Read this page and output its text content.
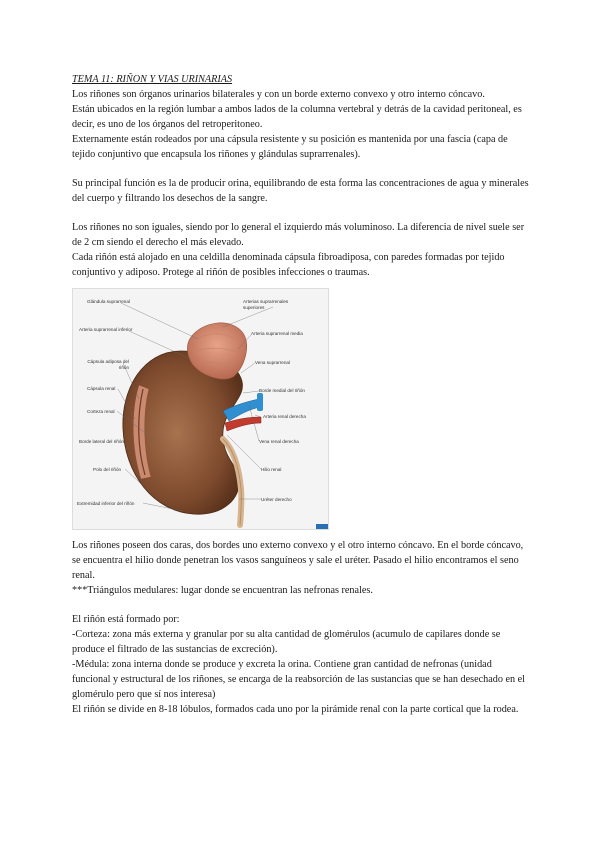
TEMA 11: RIÑON Y VIAS URINARIAS

Los riñones son órganos urinarios bilaterales y con un borde externo convexo y otro interno cóncavo.

Están ubicados en la región lumbar a ambos lados de la columna vertebral y detrás de la cavidad peritoneal, es decir, es uno de los órganos del retroperitoneo.

Externamente están rodeados por una cápsula resistente y su posición es mantenida por una fascia (capa de tejido conjuntivo que encapsula los riñones y glándulas suprarrenales).

Su principal función es la de producir orina, equilibrando de esta forma las concentraciones de agua y minerales del cuerpo y filtrando los desechos de la sangre.

Los riñones no son iguales, siendo por lo general el izquierdo más voluminoso. La diferencia de nivel suele ser de 2 cm siendo el derecho el más elevado.

Cada riñón está alojado en una celdilla denominada cápsula fibroadiposa, con paredes formadas por tejido conjuntivo y adiposo. Protege al riñón de posibles infecciones o traumas.

Glándula suprarrenal
Arteria suprarrenal inferior
Cápsula adiposa del riñón
Cápsula renal
Corteza renal
Borde lateral del riñón
Polo del riñón
Extremidad inferior del riñón
Arterias suprarrenales superiores
Arteria suprarrenal media
Vena suprarrenal
Borde medial del riñón
Arteria renal derecha
Vena renal derecha
Hilio renal
Uréter derecho

Los riñones poseen dos caras, dos bordes uno externo convexo y el otro interno cóncavo. En el borde cóncavo, se encuentra el hilio donde penetran los vasos sanguíneos y sale el uréter. Pasado el hilio encontramos el seno renal.

***Triángulos medulares: lugar donde se encuentran las nefronas renales.

El riñón está formado por:

-Corteza: zona más externa y granular por su alta cantidad de glomérulos (acumulo de capilares donde se produce el filtrado de las sustancias de excreción).

-Médula: zona interna donde se produce y excreta la orina. Contiene gran cantidad de nefronas (unidad funcional y estructural de los riñones, se encarga de la reabsorción de las sustancias que se han desechado en el glomérulo pero que sí nos interesa)

El riñón se divide en 8-18 lóbulos, formados cada uno por la pirámide renal con la parte cortical que la rodea.
